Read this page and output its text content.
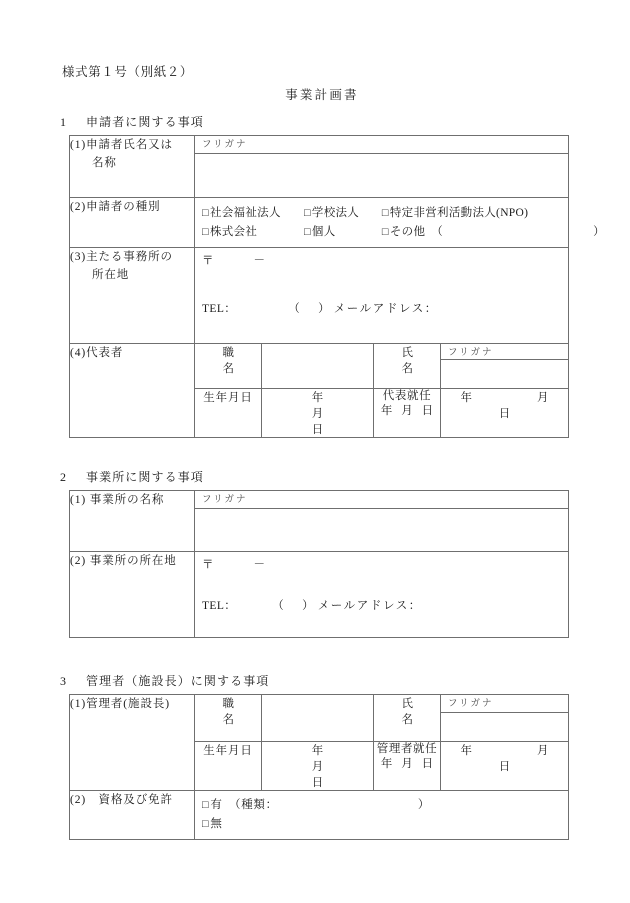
様式第１号（別紙２）
事業計画書
1 申請者に関する事項
(1)申請者氏名又は
名称	フリガナ			

(2)申請者の種別	□社会福祉法人 □学校法人 □特定非営利活動法人(NPO)
□株式会社 □個人 □その他　（ ）			

(3)主たる事務所の
所在地	〒 －
TEL： （ ） メールアドレス：			

(4)代表者	職　　名		氏　　名	フリガナ

	生年月日	年　　月　　日	代表就任
年 月 日	年　　月　　日
2 事業所に関する事項
(1) 事業所の名称	フリガナ

(2) 事業所の所在地	〒 －
TEL： （ ） メールアドレス：
3 管理者（施設長）に関する事項
(1)管理者(施設長)	職　　名		氏　　名	フリガナ

	生年月日	年　　月　　日	管理者就任
年 月 日	年　　月　　日

(2)　資格及び免許	□有　（種類： ）
□無			
